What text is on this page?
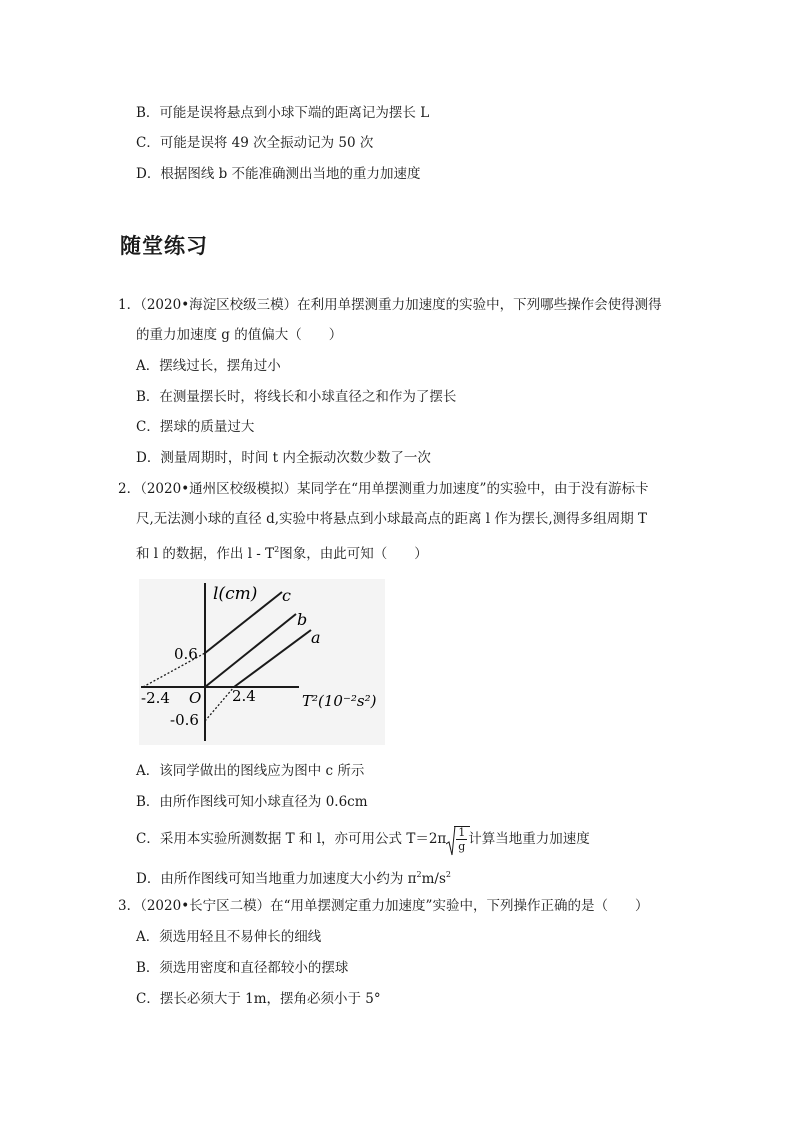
B．可能是误将悬点到小球下端的距离记为摆长 L
C．可能是误将 49 次全振动记为 50 次
D．根据图线 b 不能准确测出当地的重力加速度
随堂练习
1．（2020•海淀区校级三模）在利用单摆测重力加速度的实验中，下列哪些操作会使得测得
的重力加速度 g 的值偏大（　　）
A．摆线过长，摆角过小
B．在测量摆长时，将线长和小球直径之和作为了摆长
C．摆球的质量过大
D．测量周期时，时间 t 内全振动次数少数了一次
2．（2020•通州区校级模拟）某同学在“用单摆测重力加速度”的实验中，由于没有游标卡
尺,无法测小球的直径 d,实验中将悬点到小球最高点的距离 l 作为摆长,测得多组周期 T
和 l 的数据，作出 l - $T^2$图象，由此可知（　　）
l(cm) c
b
a
0.6
-2.4 O 2.4
-0.6
T²(10⁻²s²)
A．该同学做出的图线应为图中 c 所示
B．由所作图线可知小球直径为 0.6cm
C．采用本实验所测数据 T 和 l，亦可用公式 $T=2\pi \frac{1}{g}$ 计算当地重力加速度
D．由所作图线可知当地重力加速度大小约为 $\pi^2m/s^2$
3．（2020•长宁区二模）在“用单摆测定重力加速度”实验中，下列操作正确的是（　　）
A．须选用轻且不易伸长的细线
B．须选用密度和直径都较小的摆球
C．摆长必须大于 1m，摆角必须小于 5°
